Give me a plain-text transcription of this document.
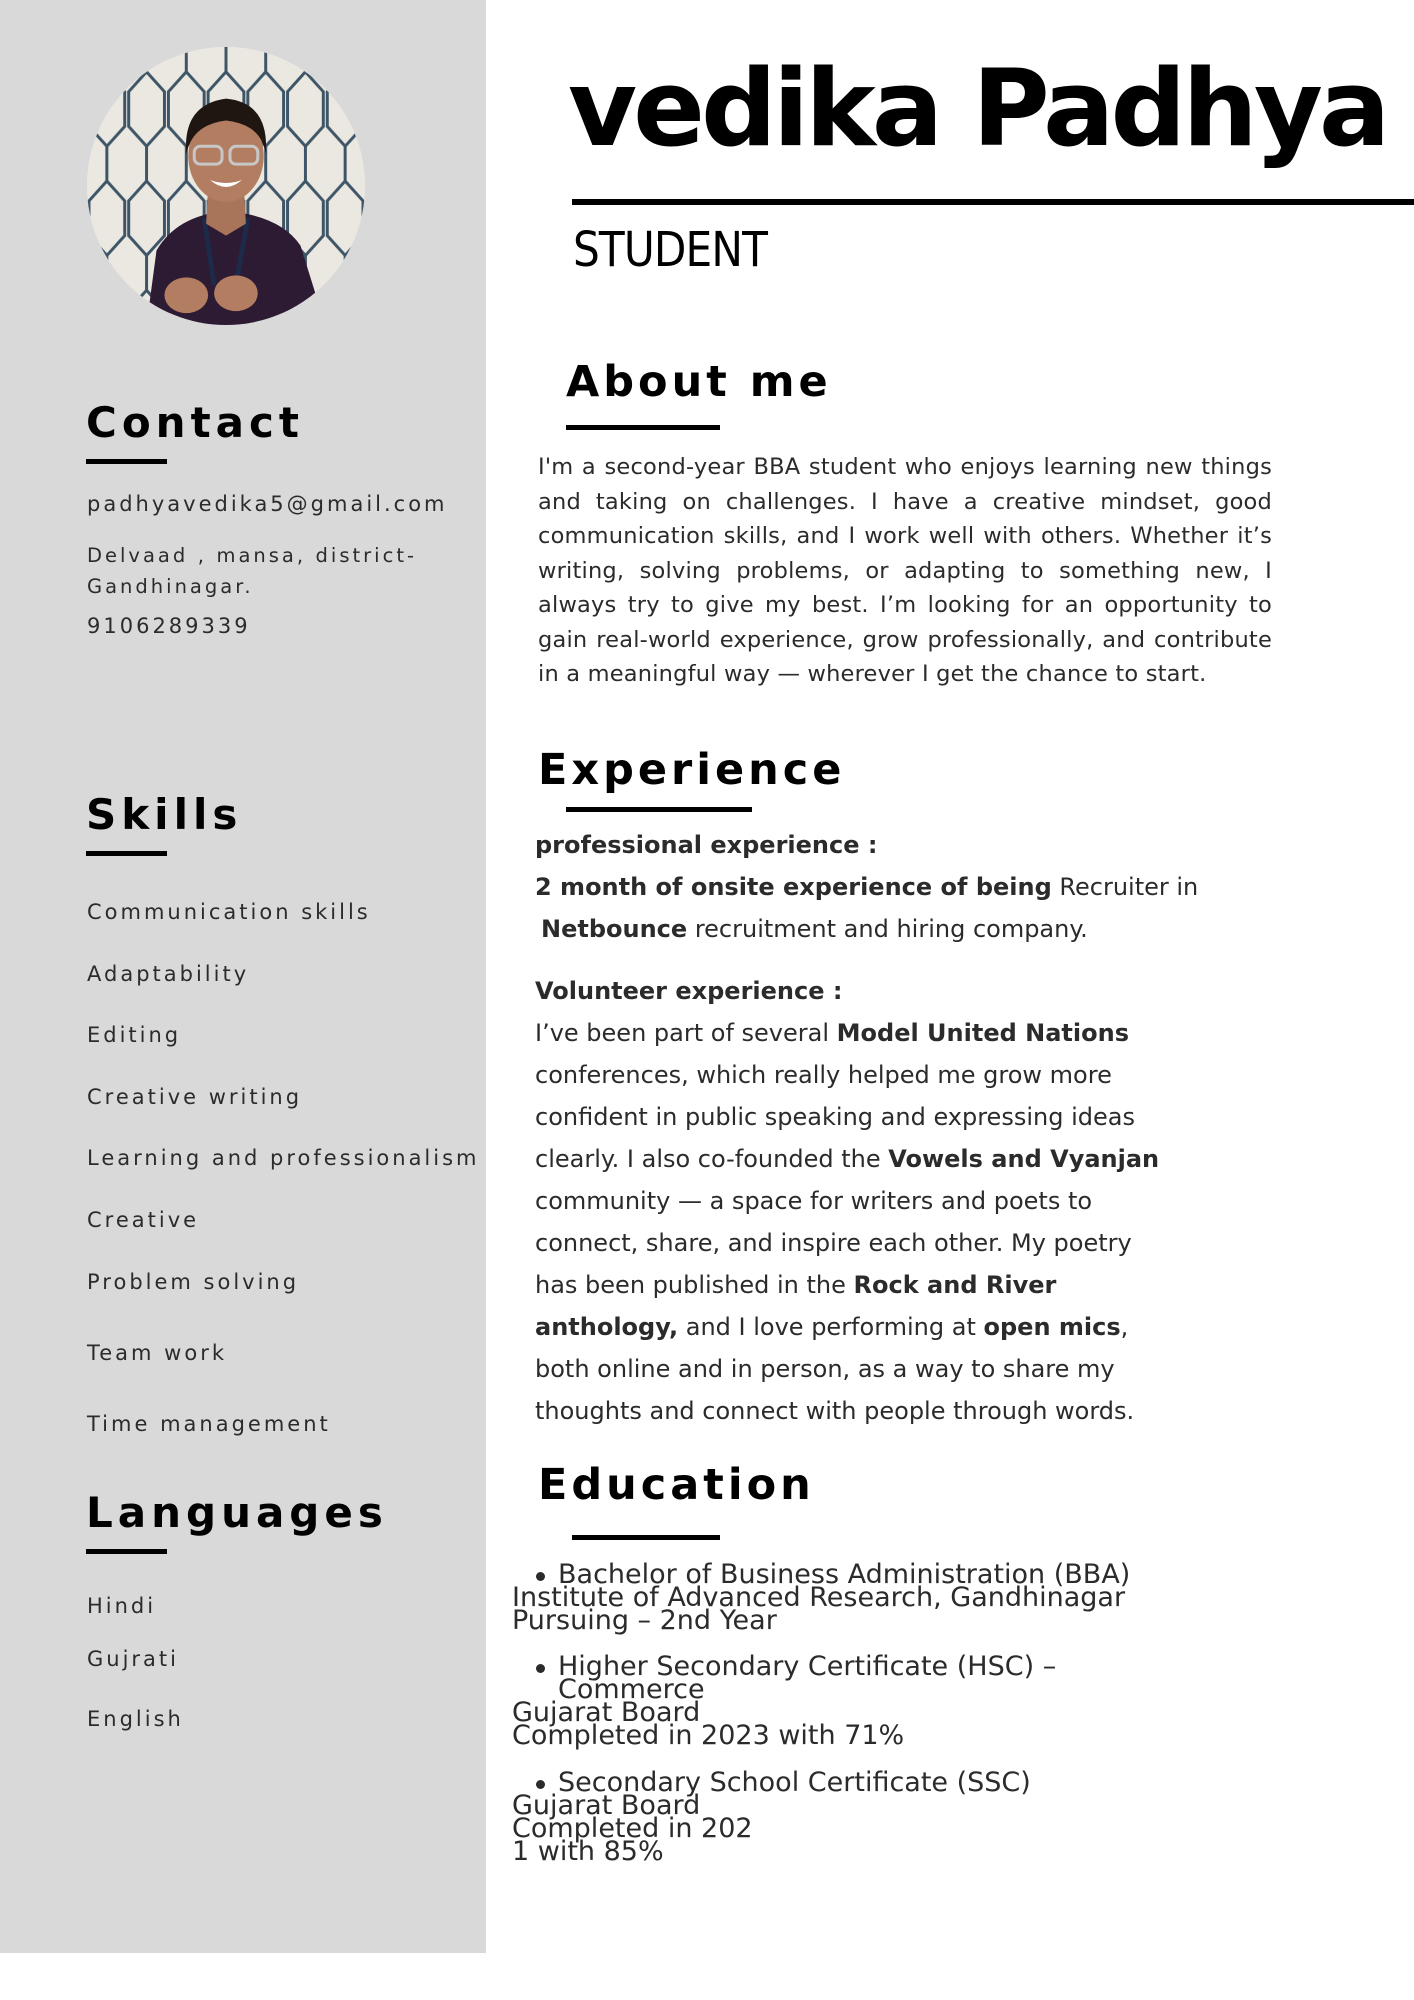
Contact

padhyavedika5@gmail.com

Delvaad , mansa, district-Gandhinagar.

9106289339

Skills

Communication skills

Adaptability

Editing

Creative writing

Learning and professionalism

Creative

Problem solving

Team work

Time management

Languages

Hindi

Gujrati

English

vedika Padhya

STUDENT

About me

I'm a second-year BBA student who enjoys learning new things and taking on challenges. I have a creative mindset, good communication skills, and I work well with others. Whether it’s writing, solving problems, or adapting to something new, I always try to give my best. I’m looking for an opportunity to gain real-world experience, grow professionally, and contribute in a meaningful way — wherever I get the chance to start.

Experience
professional experience :
2 month of onsite experience of being Recruiter in
Netbounce recruitment and hiring company.
Volunteer experience :
I’ve been part of several Model United Nations
conferences, which really helped me grow more
confident in public speaking and expressing ideas
clearly. I also co-founded the Vowels and Vyanjan
community — a space for writers and poets to
connect, share, and inspire each other. My poetry
has been published in the Rock and River
anthology, and I love performing at open mics,
both online and in person, as a way to share my
thoughts and connect with people through words.
Education
Bachelor of Business Administration (BBA)
Institute of Advanced Research, Gandhinagar
Pursuing – 2nd Year
Higher Secondary Certificate (HSC) –
Commerce
Gujarat Board
Completed in 2023 with 71%
Secondary School Certificate (SSC)
Gujarat Board
Completed in 202
1 with 85%
